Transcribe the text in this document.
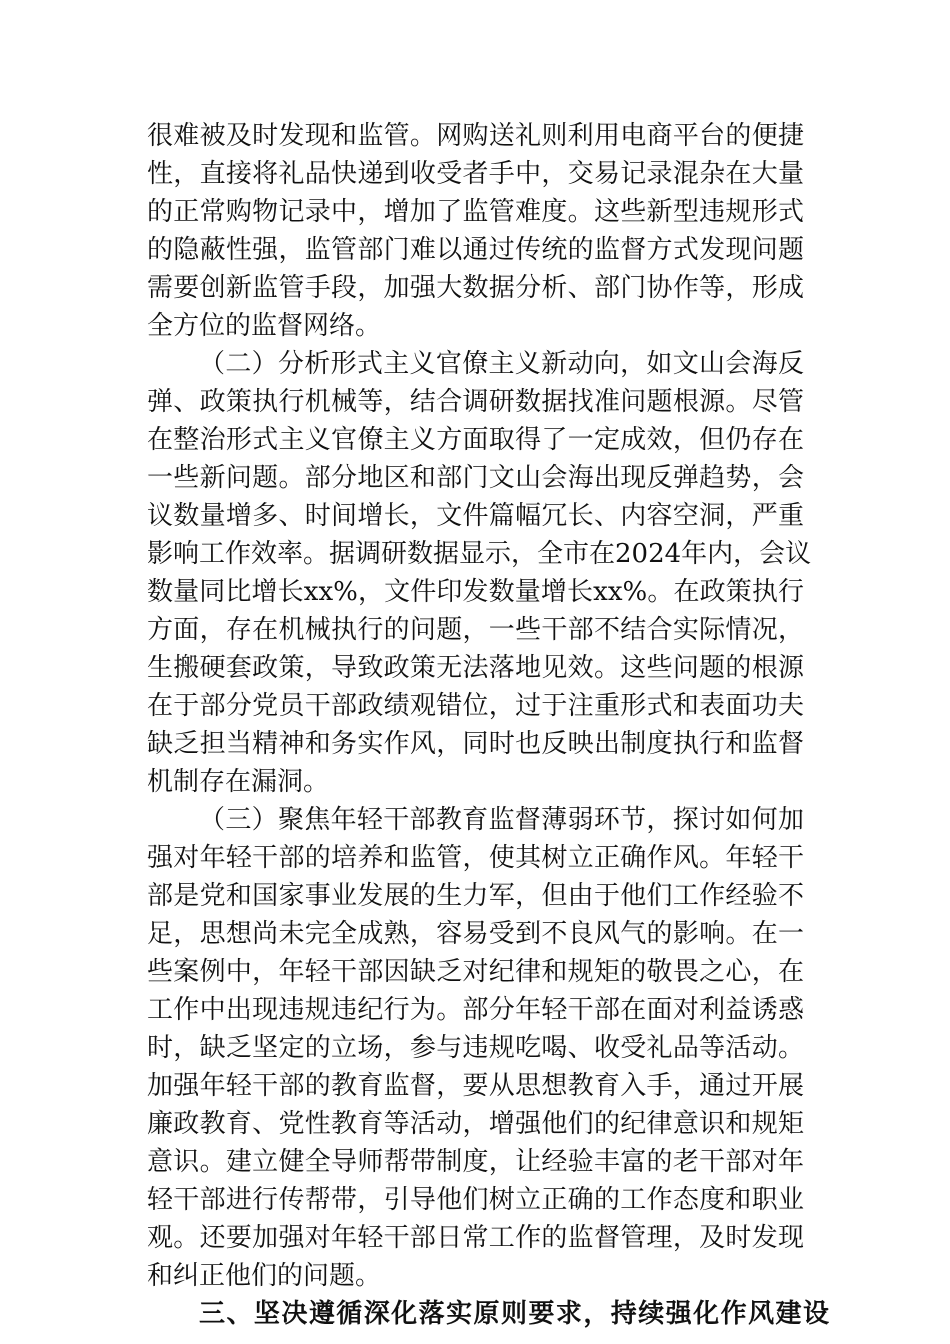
很难被及时发现和监管。网购送礼则利用电商平台的便捷
性，直接将礼品快递到收受者手中，交易记录混杂在大量
的正常购物记录中，增加了监管难度。这些新型违规形式
的隐蔽性强，监管部门难以通过传统的监督方式发现问题
需要创新监管手段，加强大数据分析、部门协作等，形成
全方位的监督网络。
（二）分析形式主义官僚主义新动向，如文山会海反
弹、政策执行机械等，结合调研数据找准问题根源。尽管
在整治形式主义官僚主义方面取得了一定成效，但仍存在
一些新问题。部分地区和部门文山会海出现反弹趋势，会
议数量增多、时间增长，文件篇幅冗长、内容空洞，严重
影响工作效率。据调研数据显示，全市在2024年内，会议
数量同比增长xx%，文件印发数量增长xx%。在政策执行
方面，存在机械执行的问题，一些干部不结合实际情况，
生搬硬套政策，导致政策无法落地见效。这些问题的根源
在于部分党员干部政绩观错位，过于注重形式和表面功夫
缺乏担当精神和务实作风，同时也反映出制度执行和监督
机制存在漏洞。
（三）聚焦年轻干部教育监督薄弱环节，探讨如何加
强对年轻干部的培养和监管，使其树立正确作风。年轻干
部是党和国家事业发展的生力军，但由于他们工作经验不
足，思想尚未完全成熟，容易受到不良风气的影响。在一
些案例中，年轻干部因缺乏对纪律和规矩的敬畏之心，在
工作中出现违规违纪行为。部分年轻干部在面对利益诱惑
时，缺乏坚定的立场，参与违规吃喝、收受礼品等活动。
加强年轻干部的教育监督，要从思想教育入手，通过开展
廉政教育、党性教育等活动，增强他们的纪律意识和规矩
意识。建立健全导师帮带制度，让经验丰富的老干部对年
轻干部进行传帮带，引导他们树立正确的工作态度和职业
观。还要加强对年轻干部日常工作的监督管理，及时发现
和纠正他们的问题。
三、坚决遵循深化落实原则要求，持续强化作风建设
